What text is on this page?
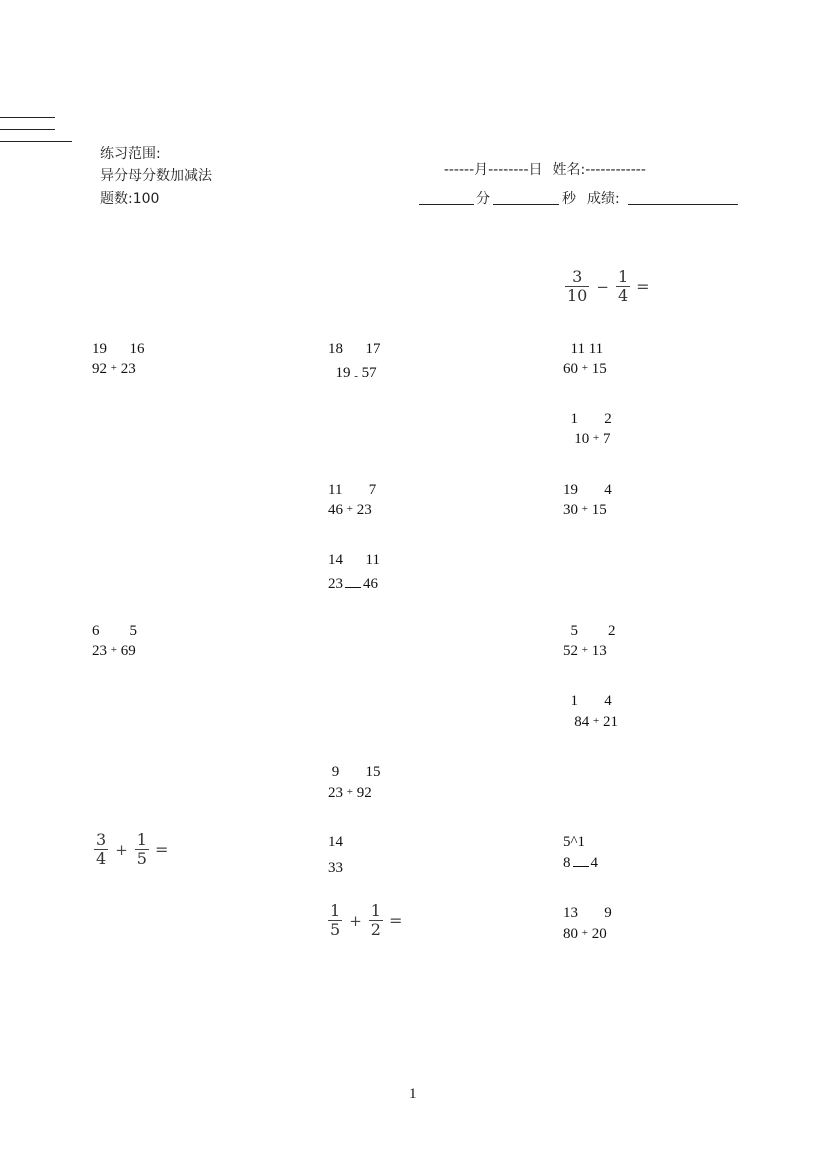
练习范围:
异分母分数加减法
题数:100

------月--------日 姓名:------------

分	秒 成绩:
$\frac{3}{10} - \frac{1}{4}$ =
$\frac{3}{4} + \frac{1}{5}$ =
$\frac{1}{5} + \frac{1}{2}$ =
19      16
92 + 23
18      17
19 - 57
11 11
60 + 15
1       2
10 + 7
11       7
46 + 23
19       4
30 + 15
14      11
23 46
6        5
23 + 69
5        2
52 + 13
1       4
84 + 21
9       15
23 + 92
14
33
5^1
8 4
13       9
80 + 20
1
